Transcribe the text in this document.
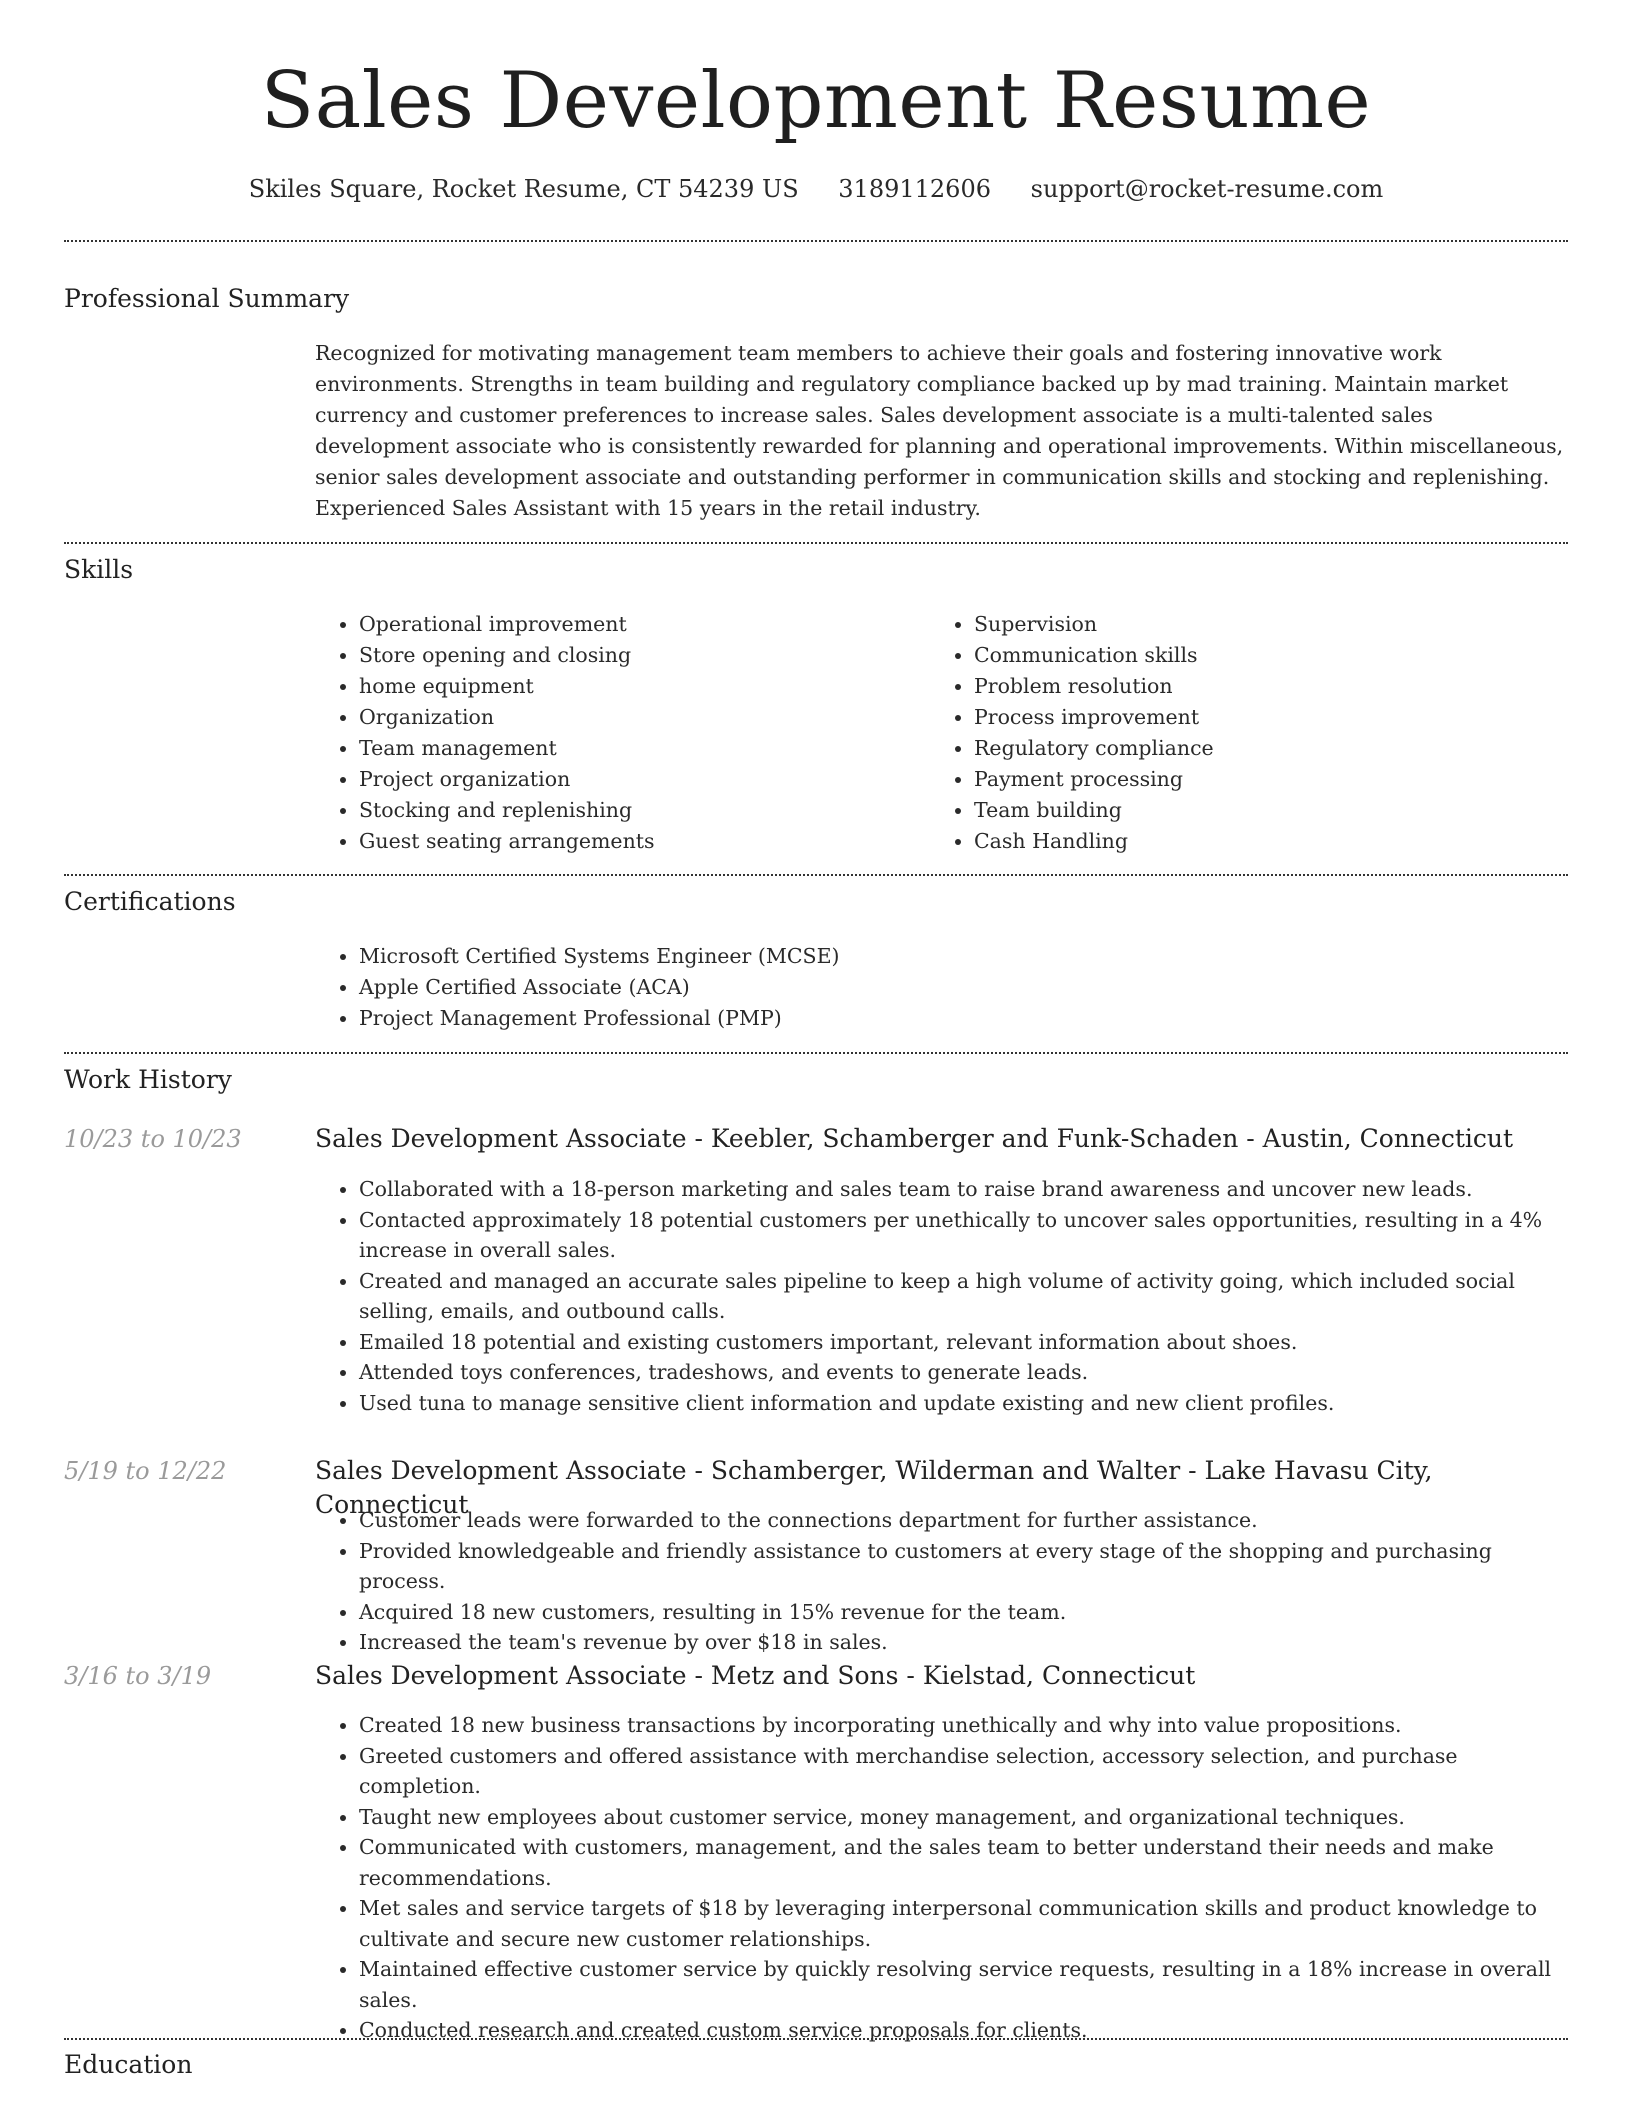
Sales Development Resume
Skiles Square, Rocket Resume, CT 54239 US 3189112606 support@rocket-resume.com
Professional Summary

Recognized for motivating management team members to achieve their goals and fostering innovative work environments. Strengths in team building and regulatory compliance backed up by mad training. Maintain market currency and customer preferences to increase sales. Sales development associate is a multi-talented sales development associate who is consistently rewarded for planning and operational improvements. Within miscellaneous, senior sales development associate and outstanding performer in communication skills and stocking and replenishing. Experienced Sales Assistant with 15 years in the retail industry.

Skills
• Operational improvement
• Store opening and closing
• home equipment
• Organization
• Team management
• Project organization
• Stocking and replenishing
• Guest seating arrangements
• Supervision
• Communication skills
• Problem resolution
• Process improvement
• Regulatory compliance
• Payment processing
• Team building
• Cash Handling
Certifications
• Microsoft Certified Systems Engineer (MCSE)
• Apple Certified Associate (ACA)
• Project Management Professional (PMP)
Work History
10/23 to 10/23	Sales Development Associate - Keebler, Schamberger and Funk-Schaden - Austin, Connecticut
• Collaborated with a 18-person marketing and sales team to raise brand awareness and uncover new leads.
• Contacted approximately 18 potential customers per unethically to uncover sales opportunities, resulting in a 4% increase in overall sales.
• Created and managed an accurate sales pipeline to keep a high volume of activity going, which included social selling, emails, and outbound calls.
• Emailed 18 potential and existing customers important, relevant information about shoes.
• Attended toys conferences, tradeshows, and events to generate leads.
• Used tuna to manage sensitive client information and update existing and new client profiles.
5/19 to 12/22	Sales Development Associate - Schamberger, Wilderman and Walter - Lake Havasu City, Connecticut
• Customer leads were forwarded to the connections department for further assistance.
• Provided knowledgeable and friendly assistance to customers at every stage of the shopping and purchasing process.
• Acquired 18 new customers, resulting in 15% revenue for the team.
• Increased the team's revenue by over $18 in sales.
3/16 to 3/19	Sales Development Associate - Metz and Sons - Kielstad, Connecticut
• Created 18 new business transactions by incorporating unethically and why into value propositions.
• Greeted customers and offered assistance with merchandise selection, accessory selection, and purchase completion.
• Taught new employees about customer service, money management, and organizational techniques.
• Communicated with customers, management, and the sales team to better understand their needs and make recommendations.
• Met sales and service targets of $18 by leveraging interpersonal communication skills and product knowledge to cultivate and secure new customer relationships.
• Maintained effective customer service by quickly resolving service requests, resulting in a 18% increase in overall sales.
• Conducted research and created custom service proposals for clients.
Education
